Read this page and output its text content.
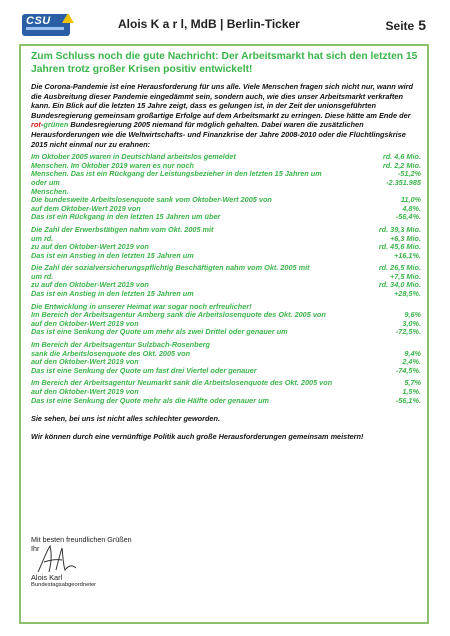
CSU	Alois K a r l, MdB | Berlin-Ticker	Seite 5

Zum Schluss noch die gute Nachricht: Der Arbeitsmarkt hat sich den letzten 15 Jahren trotz großer Krisen positiv entwickelt!

Die Corona-Pandemie ist eine Herausforderung für uns alle. Viele Menschen fragen sich nicht nur, wann wird die Ausbreitung dieser Pandemie eingedämmt sein, sondern auch, wie dies unser Arbeitsmarkt verkraften kann. Ein Blick auf die letzten 15 Jahre zeigt, dass es gelungen ist, in der Zeit der unionsgeführten Bundesregierung gemeinsam großartige Erfolge auf dem Arbeitsmarkt zu erringen. Diese hätte am Ende der rot-grünen Bundesregierung 2005 niemand für möglich gehalten. Dabei waren die zusätzlichen Herausforderungen wie die Weltwirtschafts- und Finanzkrise der Jahre 2008-2010 oder die Flüchtlingskrise 2015 nicht einmal nur zu erahnen:

Im Oktober 2005 waren in Deutschland arbeitslos gemeldet	rd. 4,6 Mio.
Menschen. Im Oktober 2019 waren es nur noch	rd. 2,2 Mio.
Menschen. Das ist ein Rückgang der Leistungsbezieher in den letzten 15 Jahren um	-51,2%
oder um	-2.351.985
Menschen.
Die bundesweite Arbeitslosenquote sank vom Oktober-Wert 2005 von	11,0%
auf dem Oktober-Wert 2019 von	4,8%.
Das ist ein Rückgang in den letzten 15 Jahren um über	-56,4%.
Die Zahl der Erwerbstätigen nahm vom Okt. 2005 mit	rd. 39,3 Mio.
um rd.	+6,3 Mio.
zu auf den Oktober-Wert 2019 von	rd. 45,6 Mio.
Das ist ein Anstieg in den letzten 15 Jahren um	+16,1%.
Die Zahl der sozialversicherungspflichtig Beschäftigten nahm vom Okt. 2005 mit	rd. 26,5 Mio.
um rd.	+7,5 Mio.
zu auf den Oktober-Wert 2019 von	rd. 34,0 Mio.
Das ist ein Anstieg in den letzten 15 Jahren um	+28,5%.
Die Entwicklung in unserer Heimat war sogar noch erfreulicher!
Im Bereich der Arbeitsagentur Amberg sank die Arbeitslosenquote des Okt. 2005 von	9,6%
auf den Oktober-Wert 2019 von	3,0%.
Das ist eine Senkung der Quote um mehr als zwei Drittel oder genauer um	-72,5%.
Im Bereich der Arbeitsagentur Sulzbach-Rosenberg
sank die Arbeitslosenquote des Okt. 2005 von	9,4%
auf den Oktober-Wert 2019 von	2,4%.
Das ist eine Senkung der Quote um fast drei Viertel oder genauer	-74,5%.
Im Bereich der Arbeitsagentur Neumarkt sank die Arbeitslosenquote des Okt. 2005 von	5,7%
auf den Oktober-Wert 2019 von	1,5%.
Das ist eine Senkung der Quote mehr als die Hälfte oder genauer um	-56,1%.

Sie sehen, bei uns ist nicht alles schlechter geworden.

Wir können durch eine vernünftige Politik auch große Herausforderungen gemeinsam meistern!

Mit besten freundlichen Grüßen
Ihr
Alois Karl
Bundestagsabgeordneter
